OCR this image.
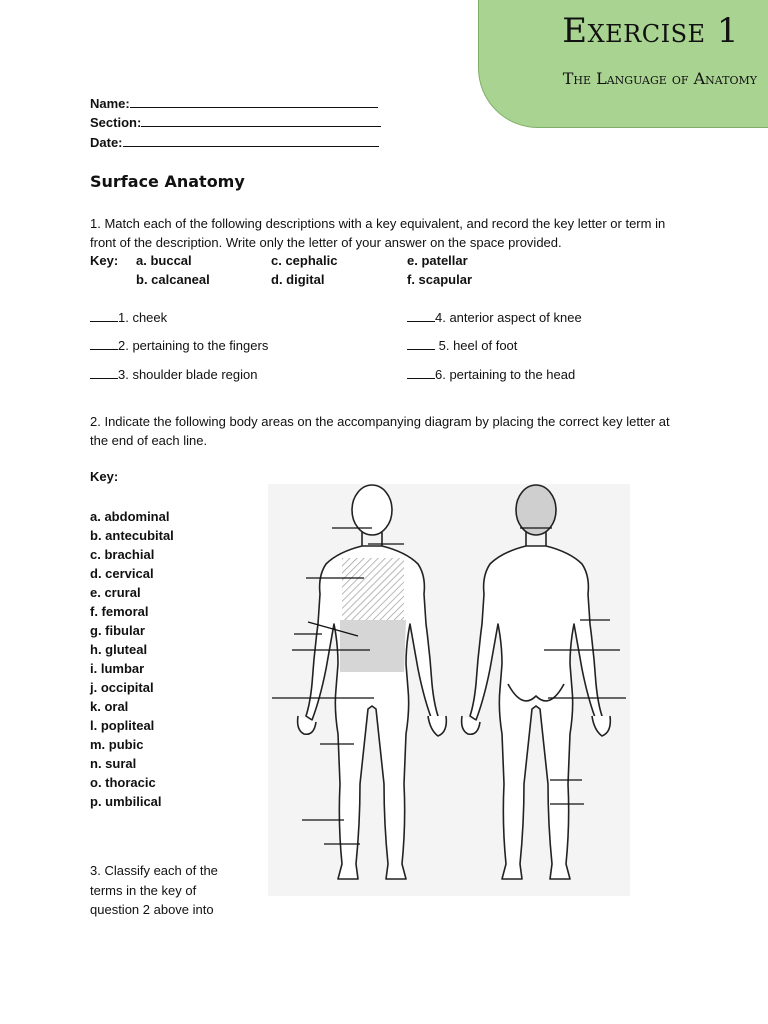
Exercise 1
The Language of Anatomy
Name:
Section:
Date:
Surface Anatomy
1. Match each of the following descriptions with a key equivalent, and record the key letter or term in front of the description. Write only the letter of your answer on the space provided.
Key: a. buccal	c. cephalic	e. patellar
b. calcaneal	d. digital	f. scapular
1. cheek
2. pertaining to the fingers
3. shoulder blade region
4. anterior aspect of knee
5. heel of foot
6. pertaining to the head
2. Indicate the following body areas on the accompanying diagram by placing the correct key letter at the end of each line.
Key:
a. abdominal
b. antecubital
c. brachial
d. cervical
e. crural
f. femoral
g. fibular
h. gluteal
i. lumbar
j. occipital
k. oral
l. popliteal
m. pubic
n. sural
o. thoracic
p. umbilical
3. Classify each of the terms in the key of question 2 above into
